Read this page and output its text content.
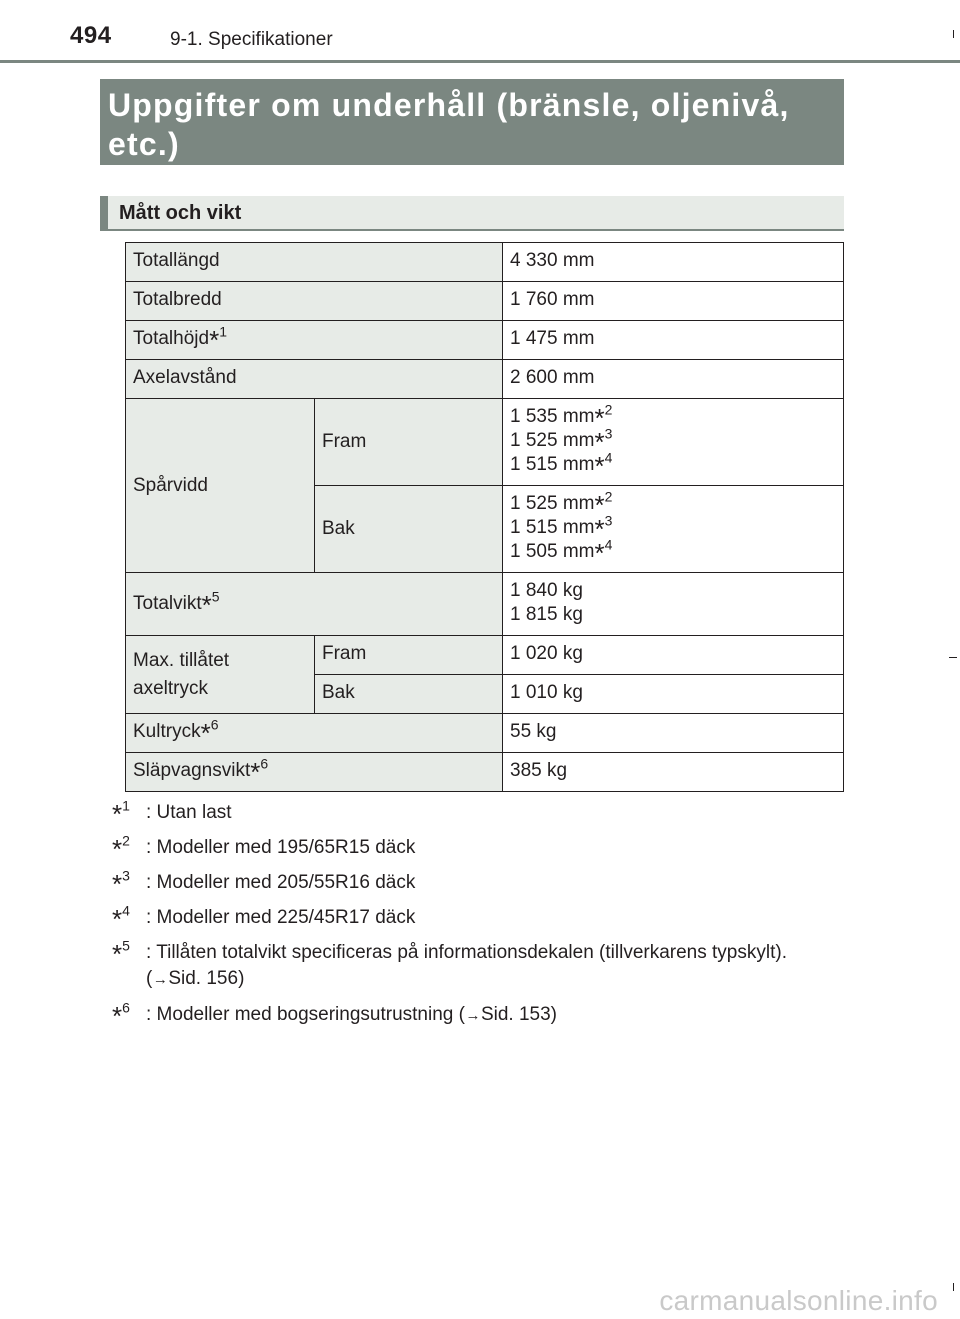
494	9-1. Specifikationer
Uppgifter om underhåll (bränsle, oljenivå, etc.)
Mått och vikt
Totallängd		4 330 mm
Totalbredd		1 760 mm
Totalhöjd*$^1$		1 475 mm
Axelavstånd		2 600 mm
Spårvidd	Fram	1 535 mm*$^2$
1 525 mm*$^3$
1 515 mm*$^4$

	Bak	1 525 mm*$^2$
1 515 mm*$^3$
1 505 mm*$^4$

Totalvikt*$^5$		1 840 kg
1 815 kg

Max. tillåtet axeltryck	Fram	1 020 kg
	Bak	1 010 kg
Kultryck*$^6$		55 kg
Släpvagnsvikt*$^6$		385 kg
*$^1$ : Utan last
*$^2$ : Modeller med 195/65R15 däck
*$^3$ : Modeller med 205/55R16 däck
*$^4$ : Modeller med 225/45R17 däck
*$^5$ : Tillåten totalvikt specificeras på informationsdekalen (tillverkarens typskylt).
(→Sid. 156)
*$^6$ : Modeller med bogseringsutrustning (→Sid. 153)
carmanualsonline.info
